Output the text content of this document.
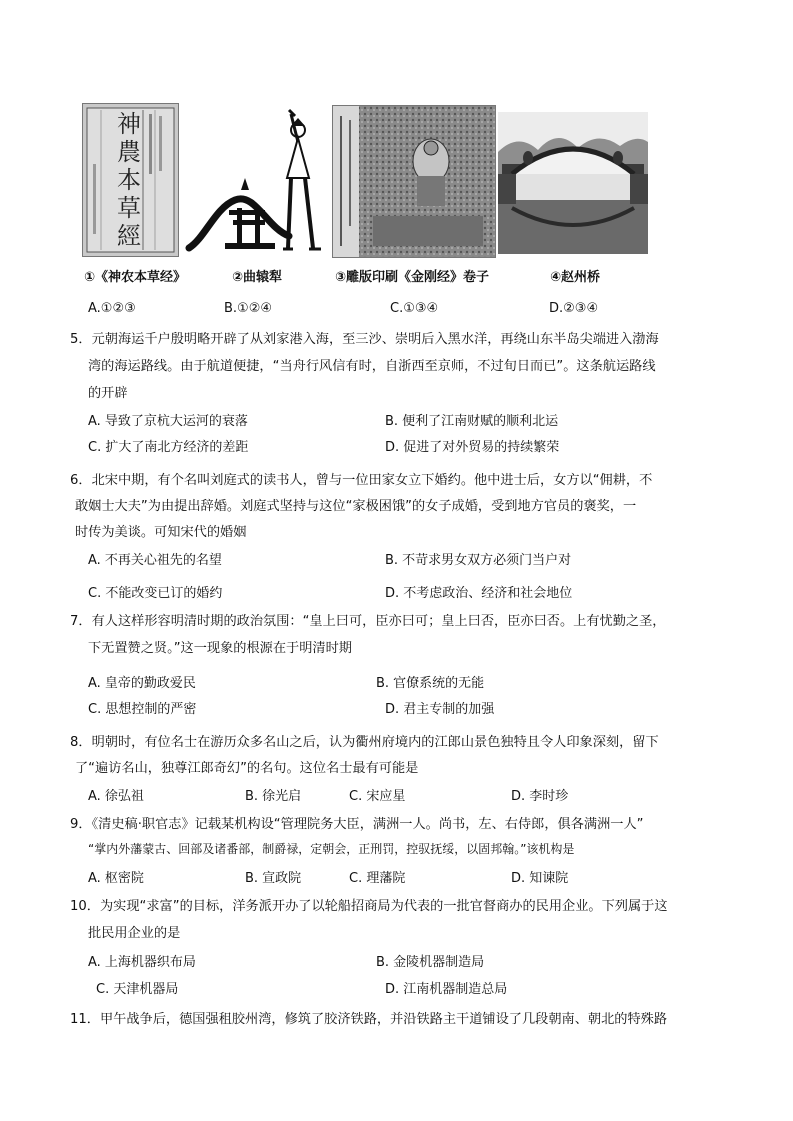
神農本草經
①《神农本草经》	②曲辕犁	③雕版印刷《金刚经》卷子	④赵州桥
A.①②③	B.①②④	C.①③④	D.②③④
5．元朝海运千户殷明略开辟了从刘家港入海，至三沙、崇明后入黑水洋，再绕山东半岛尖端进入渤海
湾的海运路线。由于航道便捷，“当舟行风信有时，自浙西至京师，不过旬日而已”。这条航运路线
的开辟
A. 导致了京杭大运河的衰落	B. 便利了江南财赋的顺利北运
C. 扩大了南北方经济的差距	D. 促进了对外贸易的持续繁荣
6．北宋中期，有个名叫刘庭式的读书人，曾与一位田家女立下婚约。他中进士后，女方以“佣耕，不
敢姻士大夫”为由提出辞婚。刘庭式坚持与这位“家极困饿”的女子成婚，受到地方官员的褒奖，一
时传为美谈。可知宋代的婚姻
A. 不再关心祖先的名望	B. 不苛求男女双方必须门当户对
C. 不能改变已订的婚约	D. 不考虑政治、经济和社会地位
7．有人这样形容明清时期的政治氛围：“皇上曰可，臣亦曰可；皇上曰否，臣亦曰否。上有忧勤之圣，
下无置赞之贤。”这一现象的根源在于明清时期
A. 皇帝的勤政爱民	B. 官僚系统的无能
C. 思想控制的严密	D. 君主专制的加强
8．明朝时，有位名士在游历众多名山之后，认为衢州府境内的江郎山景色独特且令人印象深刻，留下
了“遍访名山，独尊江郎奇幻”的名句。这位名士最有可能是
A. 徐弘祖	B. 徐光启	C. 宋应星	D. 李时珍
9．《清史稿·职官志》记载某机构设“管理院务大臣，满洲一人。尚书，左、右侍郎，俱各满洲一人”
“掌内外藩蒙古、回部及诸番部，制爵禄，定朝会，正刑罚，控驭抚绥，以固邦翰。”该机构是
A. 枢密院	B. 宣政院	C. 理藩院	D. 知谏院
10．为实现“求富”的目标，洋务派开办了以轮船招商局为代表的一批官督商办的民用企业。下列属于这
批民用企业的是
A. 上海机器织布局	B. 金陵机器制造局
C. 天津机器局	D. 江南机器制造总局
11．甲午战争后，德国强租胶州湾，修筑了胶济铁路，并沿铁路主干道铺设了几段朝南、朝北的特殊路
